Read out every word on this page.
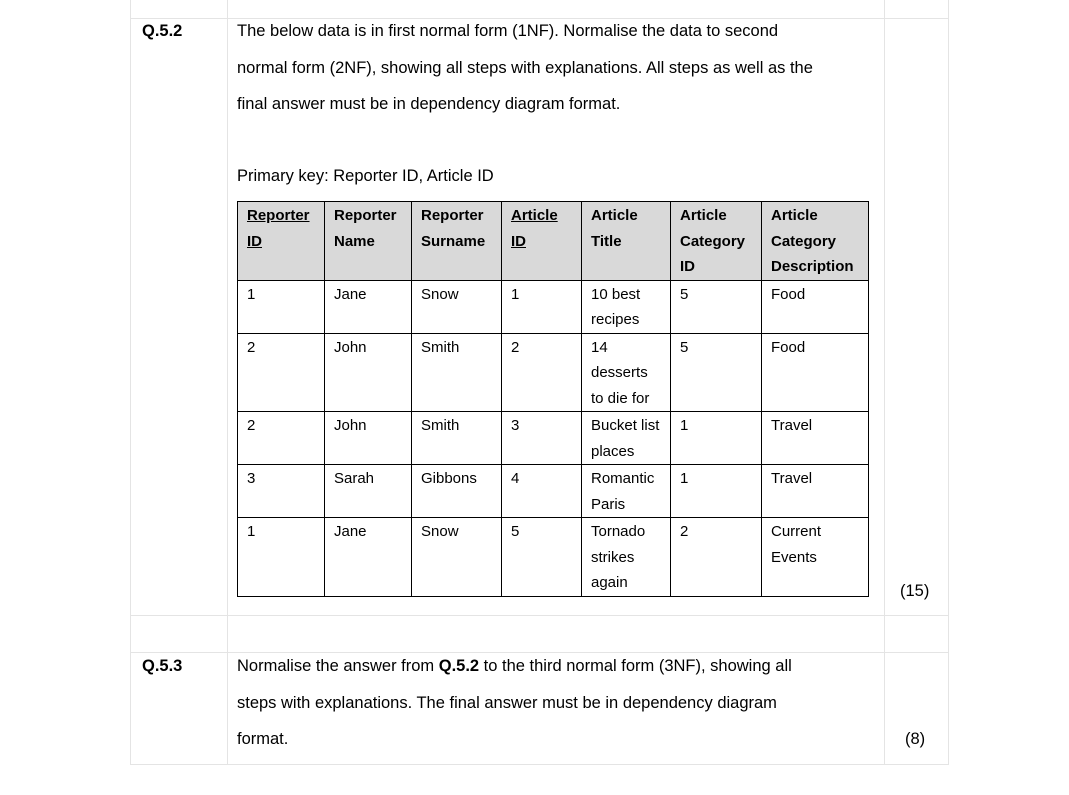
Q.5.2	The below data is in first normal form (1NF). Normalise the data to second
normal form (2NF), showing all steps with explanations. All steps as well as the
final answer must be in dependency diagram format.
Primary key: Reporter ID, Article ID
Reporter ID	Reporter Name	Reporter Surname	Article ID	Article Title	Article Category ID	Article Category Description
1	Jane	Snow	1	10 best recipes	5	Food
2	John	Smith	2	14 desserts to die for	5	Food
2	John	Smith	3	Bucket list places	1	Travel
3	Sarah	Gibbons	4	Romantic Paris	1	Travel
1	Jane	Snow	5	Tornado strikes again	2	Current Events
(15)
Q.5.3	Normalise the answer from Q.5.2 to the third normal form (3NF), showing all
steps with explanations. The final answer must be in dependency diagram
format.	(8)
